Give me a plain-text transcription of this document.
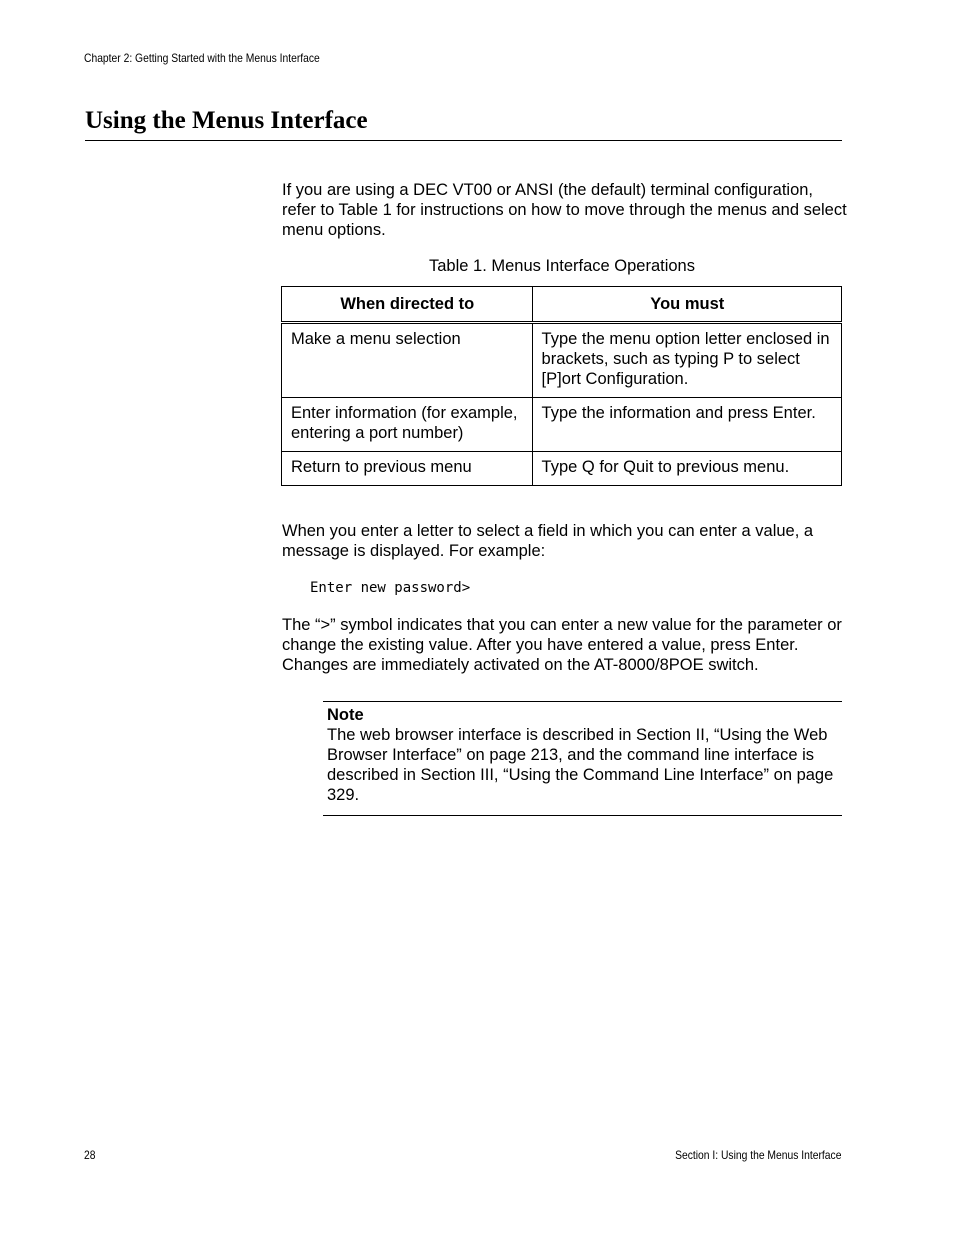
Chapter 2: Getting Started with the Menus Interface
Using the Menus Interface

If you are using a DEC VT00 or ANSI (the default) terminal configuration, refer to Table 1 for instructions on how to move through the menus and select menu options.

Table 1. Menus Interface Operations
When directed to	You must
Make a menu selection	Type the menu option letter enclosed in brackets, such as typing P to select [P]ort Configuration.
Enter information (for example, entering a port number)	Type the information and press Enter.
Return to previous menu	Type Q for Quit to previous menu.

When you enter a letter to select a field in which you can enter a value, a message is displayed. For example:

Enter new password>

The “>” symbol indicates that you can enter a new value for the parameter or change the existing value. After you have entered a value, press Enter. Changes are immediately activated on the AT-8000/8POE switch.

Note
The web browser interface is described in Section II, “Using the Web Browser Interface” on page 213, and the command line interface is described in Section III, “Using the Command Line Interface” on page 329.
28	Section I: Using the Menus Interface
